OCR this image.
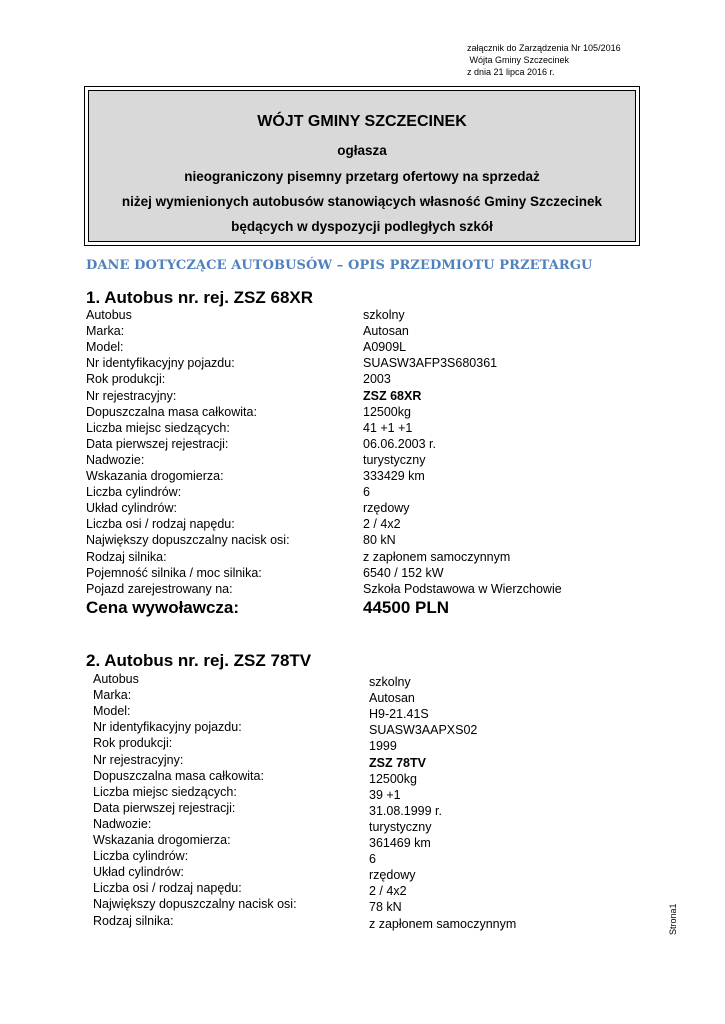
załącznik do Zarządzenia Nr 105/2016
Wójta Gminy Szczecinek
z dnia 21 lipca 2016 r.
WÓJT GMINY SZCZECINEK
ogłasza
nieograniczony pisemny przetarg ofertowy na sprzedaż
niżej wymienionych autobusów stanowiących własność Gminy Szczecinek
będących w dyspozycji podległych szkół
DANE DOTYCZĄCE AUTOBUSÓW – OPIS PRZEDMIOTU PRZETARGU
1. Autobus nr. rej. ZSZ 68XR
Autobus	szkolny
Marka:	Autosan
Model:	A0909L
Nr identyfikacyjny pojazdu:	SUASW3AFP3S680361
Rok produkcji:	2003
Nr rejestracyjny:	ZSZ 68XR
Dopuszczalna masa całkowita:	12500kg
Liczba miejsc siedzących:	41 +1 +1
Data pierwszej rejestracji:	06.06.2003 r.
Nadwozie:	turystyczny
Wskazania drogomierza:	333429 km
Liczba cylindrów:	6
Układ cylindrów:	rzędowy
Liczba osi / rodzaj napędu:	2 / 4x2
Największy dopuszczalny nacisk osi:	80 kN
Rodzaj silnika:	z zapłonem samoczynnym
Pojemność silnika / moc silnika:	6540 / 152 kW
Pojazd zarejestrowany na:	Szkoła Podstawowa w Wierzchowie
Cena wywoławcza:	44500 PLN
2. Autobus nr. rej. ZSZ 78TV
Autobus	szkolny
Marka:	Autosan
Model:	H9-21.41S
Nr identyfikacyjny pojazdu:	SUASW3AAPXS02
Rok produkcji:	1999
Nr rejestracyjny:	ZSZ 78TV
Dopuszczalna masa całkowita:	12500kg
Liczba miejsc siedzących:	39 +1
Data pierwszej rejestracji:	31.08.1999 r.
Nadwozie:	turystyczny
Wskazania drogomierza:	361469 km
Liczba cylindrów:	6
Układ cylindrów:	rzędowy
Liczba osi / rodzaj napędu:	2 / 4x2
Największy dopuszczalny nacisk osi:	78 kN
Rodzaj silnika:	z zapłonem samoczynnym	Strona1
